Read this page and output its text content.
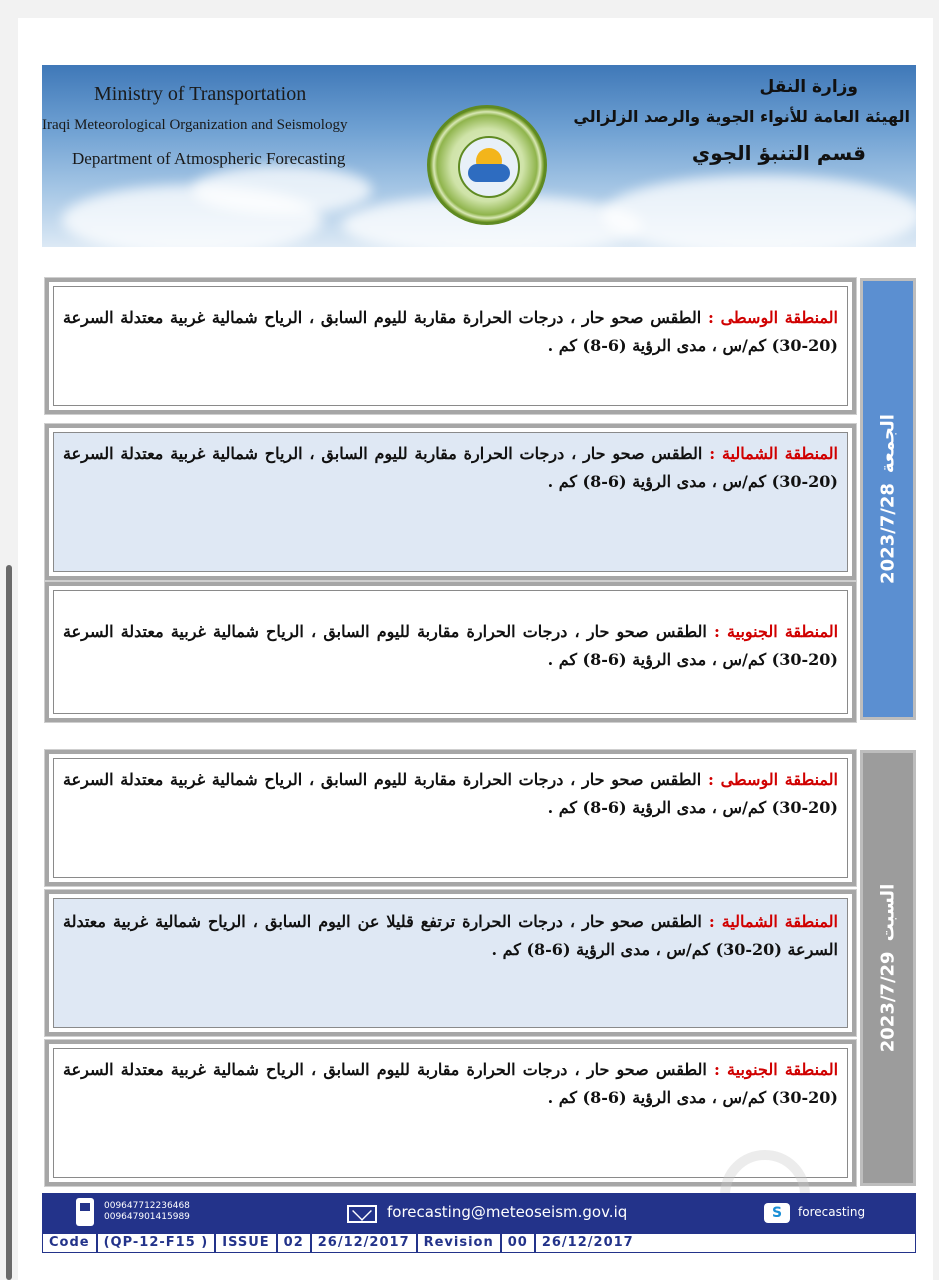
Ministry of Transportation
Iraqi Meteorological Organization and Seismology
Department of Atmospheric Forecasting
وزارة النقل
الهيئة العامة للأنواء الجوية والرصد الزلزالي
قسم التنبؤ الجوي
المنطقة الوسطى : الطقس صحو حار ، درجات الحرارة مقاربة لليوم السابق ، الرياح شمالية غربية معتدلة السرعة (20-30) كم/س ، مدى الرؤية (6-8) كم .
المنطقة الشمالية : الطقس صحو حار ، درجات الحرارة مقاربة لليوم السابق ، الرياح شمالية غربية معتدلة السرعة (20-30) كم/س ، مدى الرؤية (6-8) كم .
المنطقة الجنوبية : الطقس صحو حار ، درجات الحرارة مقاربة لليوم السابق ، الرياح شمالية غربية معتدلة السرعة (20-30) كم/س ، مدى الرؤية (6-8) كم .
2023/7/28الجمعة
المنطقة الوسطى : الطقس صحو حار ، درجات الحرارة مقاربة لليوم السابق ، الرياح شمالية غربية معتدلة السرعة (20-30) كم/س ، مدى الرؤية (6-8) كم .
المنطقة الشمالية : الطقس صحو حار ، درجات الحرارة ترتفع قليلا عن اليوم السابق ، الرياح شمالية غربية معتدلة السرعة (20-30) كم/س ، مدى الرؤية (6-8) كم .
المنطقة الجنوبية : الطقس صحو حار ، درجات الحرارة مقاربة لليوم السابق ، الرياح شمالية غربية معتدلة السرعة (20-30) كم/س ، مدى الرؤية (6-8) كم .
2023/7/29السبت
009647712236468
009647901415989	forecasting@meteoseism.gov.iq	S	forecasting
Code	(QP-12-F15 )	ISSUE	02	26/12/2017	Revision	00	26/12/2017
